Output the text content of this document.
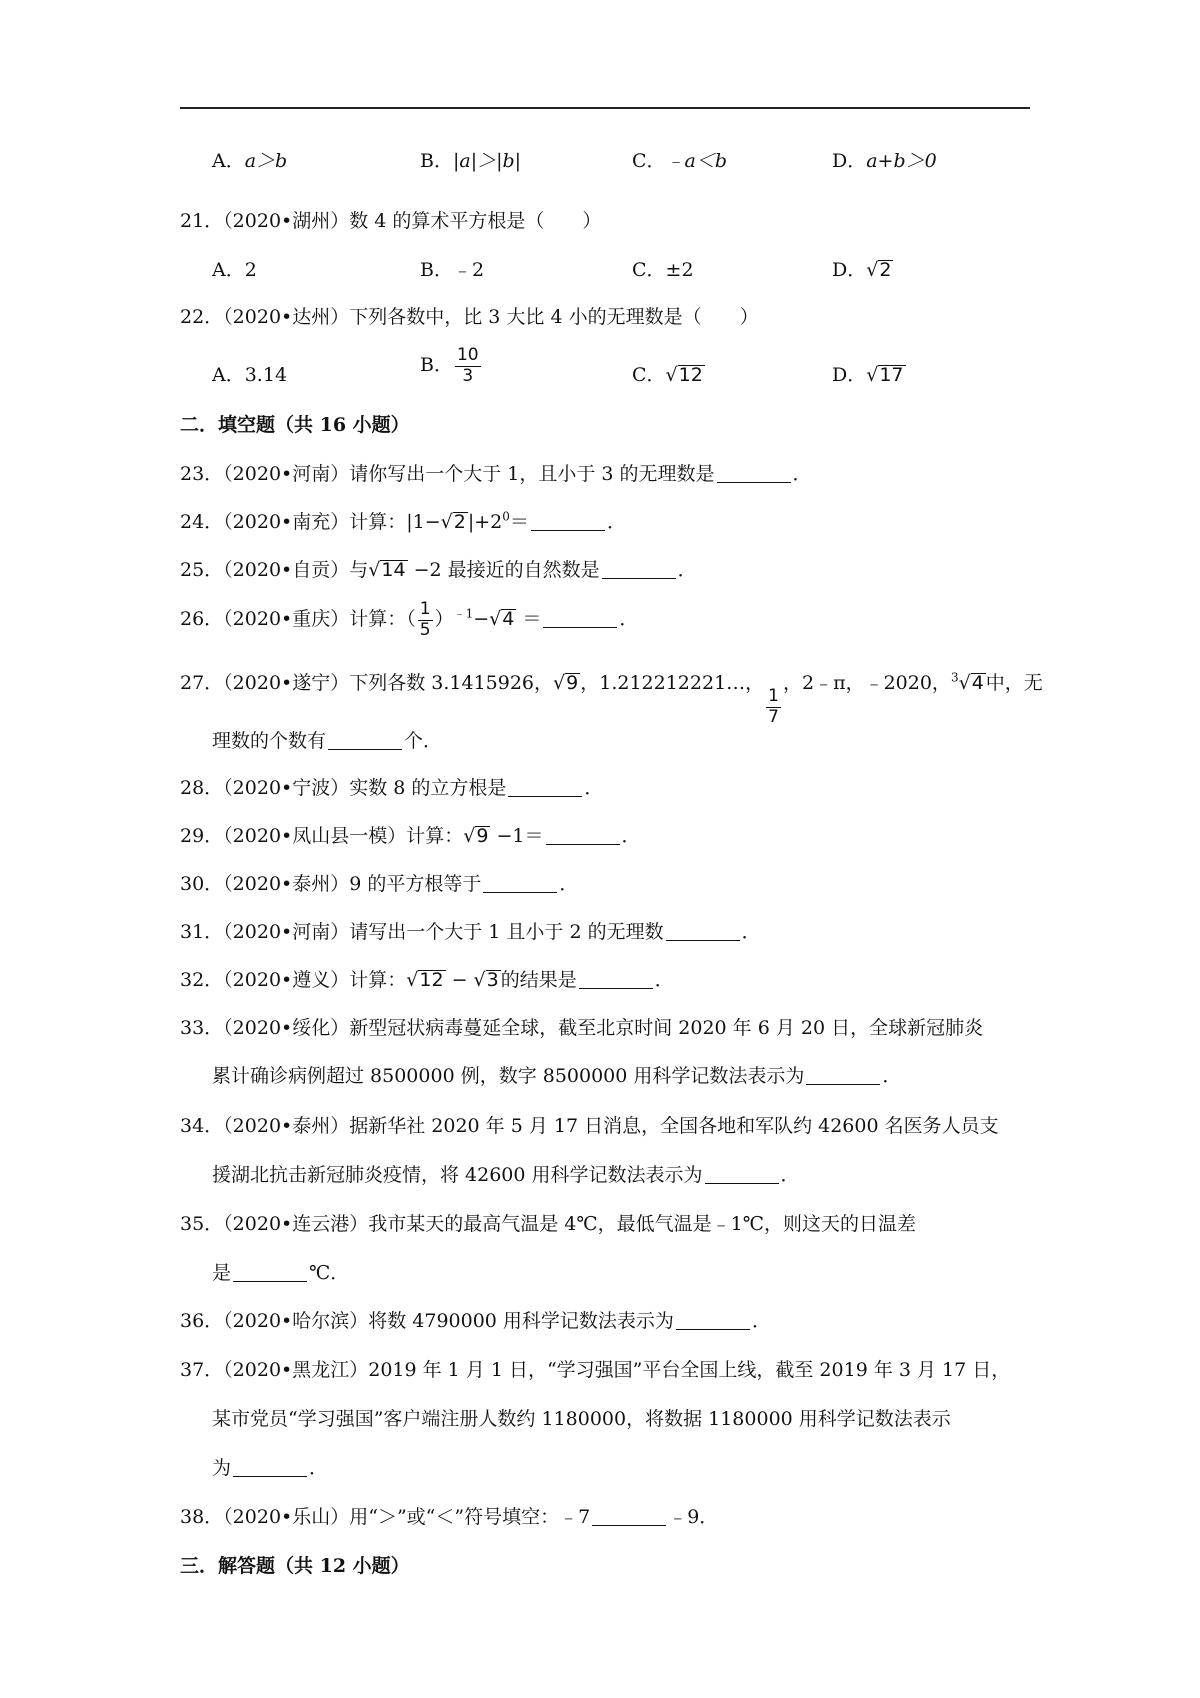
A．a＞b	B．|a|＞|b|	C．﹣a＜b	D．a+b＞0
21．（2020•湖州）数 4 的算术平方根是（　　）
A．2	B．﹣2	C．±2	D．√2
22．（2020•达州）下列各数中，比 3 大比 4 小的无理数是（　　）
A．3.14	B． $\frac{10}{3}$	C．√12	D．√17
二．填空题（共 16 小题）
23．（2020•河南）请你写出一个大于 1，且小于 3 的无理数是	．
24．（2020•南充）计算：|1−√2 $|+2^0=$	．
25．（2020•自贡）与√14 −2 最接近的自然数是	．
26．（2020•重庆）计算：（ $\frac{1}{5} )^{﹣1}-√4$ ＝	．
27．（2020•遂宁）下列各数 3.1415926，√9 ，1.212212221…，
$\frac{1}{7}$
，2﹣π，﹣2020，$^3$√4 中，无
理数的个数有	个．
28．（2020•宁波）实数 8 的立方根是	．
29．（2020•凤山县一模）计算：√9 −1＝	．
30．（2020•泰州）9 的平方根等于	．
31．（2020•河南）请写出一个大于 1 且小于 2 的无理数	．
32．（2020•遵义）计算：√12 − √3 的结果是	．
33．（2020•绥化）新型冠状病毒蔓延全球，截至北京时间 2020 年 6 月 20 日，全球新冠肺炎
累计确诊病例超过 8500000 例，数字 8500000 用科学记数法表示为	．
34．（2020•泰州）据新华社 2020 年 5 月 17 日消息，全国各地和军队约 42600 名医务人员支
援湖北抗击新冠肺炎疫情，将 42600 用科学记数法表示为	．
35．（2020•连云港）我市某天的最高气温是 4℃，最低气温是﹣1℃，则这天的日温差
是	℃．
36．（2020•哈尔滨）将数 4790000 用科学记数法表示为	．
37．（2020•黑龙江）2019 年 1 月 1 日，“学习强国”平台全国上线，截至 2019 年 3 月 17 日，
某市党员“学习强国”客户端注册人数约 1180000，将数据 1180000 用科学记数法表示
为	．
38．（2020•乐山）用“＞”或“＜”符号填空：﹣7	﹣9．
三．解答题（共 12 小题）
